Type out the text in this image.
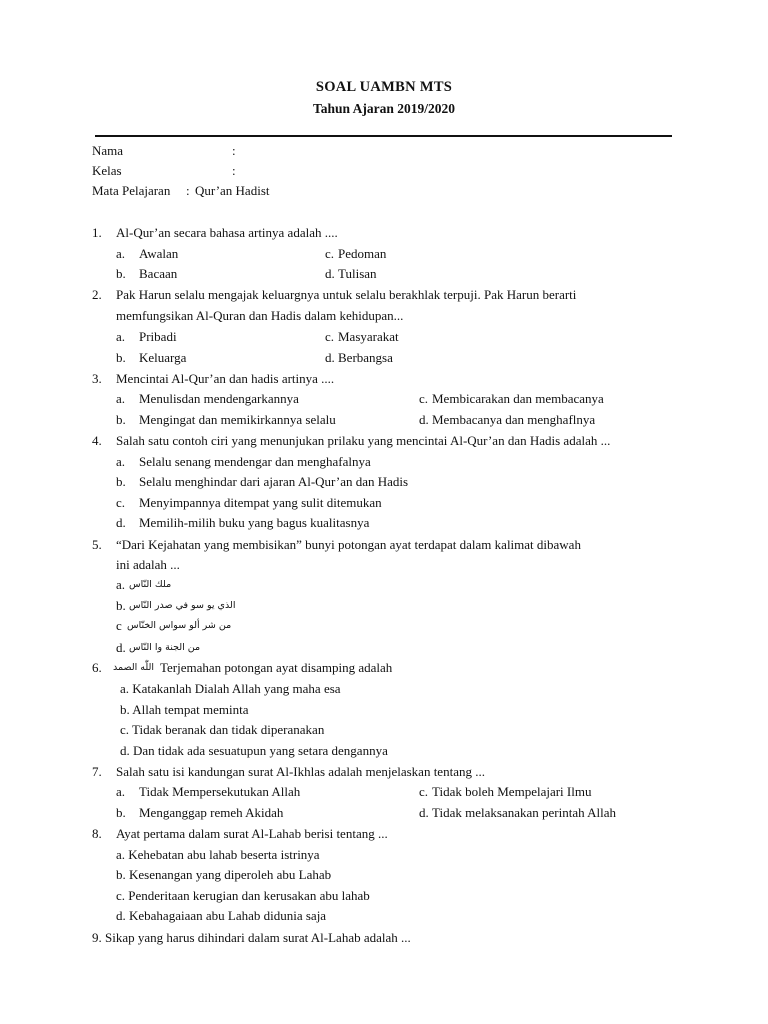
SOAL UAMBN MTS
Tahun Ajaran 2019/2020
Nama	:
Kelas	:
Mata Pelajaran : Qur’an Hadist
1. Al-Qur’an secara bahasa artinya adalah ....
a. Awalan
b. Bacaan
c. Pedoman
d. Tulisan
2. Pak Harun selalu mengajak keluargnya untuk selalu berakhlak terpuji. Pak Harun berarti
memfungsikan Al-Quran dan Hadis dalam kehidupan...
a. Pribadi
b. Keluarga
c. Masyarakat
d. Berbangsa
3. Mencintai Al-Qur’an dan hadis artinya ....
a. Menulisdan mendengarkannya
b. Mengingat dan memikirkannya selalu
c. Membicarakan dan membacanya
d. Membacanya dan menghaflnya
4. Salah satu contoh ciri yang menunjukan prilaku yang mencintai Al-Qur’an dan Hadis adalah ...
a. Selalu senang mendengar dan menghafalnya
b. Selalu menghindar dari ajaran Al-Qur’an dan Hadis
c. Menyimpannya ditempat yang sulit ditemukan
d. Memilih-milih buku yang bagus kualitasnya
5. “Dari Kejahatan yang membisikan” bunyi potongan ayat terdapat dalam kalimat dibawah
ini adalah ...
a. ملك النّاس
b. الذي يو سو في صدر النّاس
c من شر ألو سواس الخنّاس
d. من الجنة وا النّاس
6. اللّٰه الصمد Terjemahan potongan ayat disamping adalah
a. Katakanlah Dialah Allah yang maha esa
b. Allah tempat meminta
c. Tidak beranak dan tidak diperanakan
d. Dan tidak ada sesuatupun yang setara dengannya
7. Salah satu isi kandungan surat Al-Ikhlas adalah menjelaskan tentang ...
a. Tidak Mempersekutukan Allah
b. Menganggap remeh Akidah
c. Tidak boleh Mempelajari Ilmu
d. Tidak melaksanakan perintah Allah
8. Ayat pertama dalam surat Al-Lahab berisi tentang ...
a. Kehebatan abu lahab beserta istrinya
b. Kesenangan yang diperoleh abu Lahab
c. Penderitaan kerugian dan kerusakan abu lahab
d. Kebahagaiaan abu Lahab didunia saja
9. Sikap yang harus dihindari dalam surat Al-Lahab adalah ...
